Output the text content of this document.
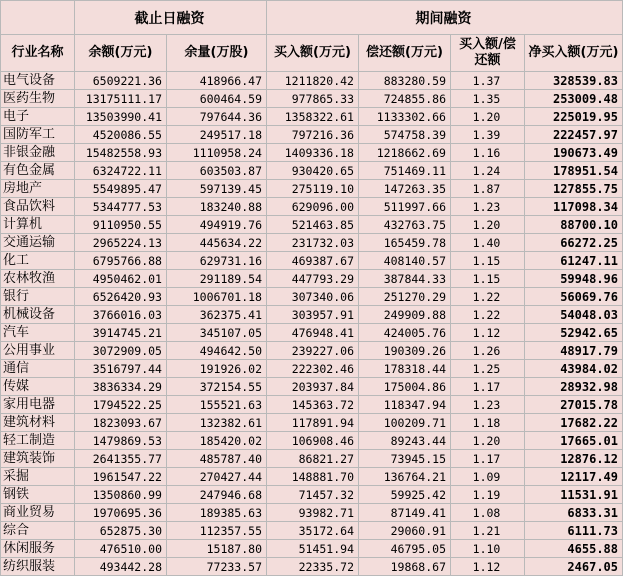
	截止日融资		期间融资			
行业名称	余额(万元)	余量(万股)	买入额(万元)	偿还额(万元)	买入额/偿还额	净买入额(万元)
电气设备	6509221.36	418966.47	1211820.42	883280.59	1.37	328539.83
医药生物	13175111.17	600464.59	977865.33	724855.86	1.35	253009.48
电子	13503990.41	797644.36	1358322.61	1133302.66	1.20	225019.95
国防军工	4520086.55	249517.18	797216.36	574758.39	1.39	222457.97
非银金融	15482558.93	1110958.24	1409336.18	1218662.69	1.16	190673.49
有色金属	6324722.11	603503.87	930420.65	751469.11	1.24	178951.54
房地产	5549895.47	597139.45	275119.10	147263.35	1.87	127855.75
食品饮料	5344777.53	183240.88	629096.00	511997.66	1.23	117098.34
计算机	9110950.55	494919.76	521463.85	432763.75	1.20	88700.10
交通运输	2965224.13	445634.22	231732.03	165459.78	1.40	66272.25
化工	6795766.88	629731.16	469387.67	408140.57	1.15	61247.11
农林牧渔	4950462.01	291189.54	447793.29	387844.33	1.15	59948.96
银行	6526420.93	1006701.18	307340.06	251270.29	1.22	56069.76
机械设备	3766016.03	362375.41	303957.91	249909.88	1.22	54048.03
汽车	3914745.21	345107.05	476948.41	424005.76	1.12	52942.65
公用事业	3072909.05	494642.50	239227.06	190309.26	1.26	48917.79
通信	3516797.44	191926.02	222302.46	178318.44	1.25	43984.02
传媒	3836334.29	372154.55	203937.84	175004.86	1.17	28932.98
家用电器	1794522.25	155521.63	145363.72	118347.94	1.23	27015.78
建筑材料	1823093.67	132382.61	117891.94	100209.71	1.18	17682.22
轻工制造	1479869.53	185420.02	106908.46	89243.44	1.20	17665.01
建筑装饰	2641355.77	485787.40	86821.27	73945.15	1.17	12876.12
采掘	1961547.22	270427.44	148881.70	136764.21	1.09	12117.49
钢铁	1350860.99	247946.68	71457.32	59925.42	1.19	11531.91
商业贸易	1970695.36	189385.63	93982.71	87149.41	1.08	6833.31
综合	652875.30	112357.55	35172.64	29060.91	1.21	6111.73
休闲服务	476510.00	15187.80	51451.94	46795.05	1.10	4655.88
纺织服装	493442.28	77233.57	22335.72	19868.67	1.12	2467.05
